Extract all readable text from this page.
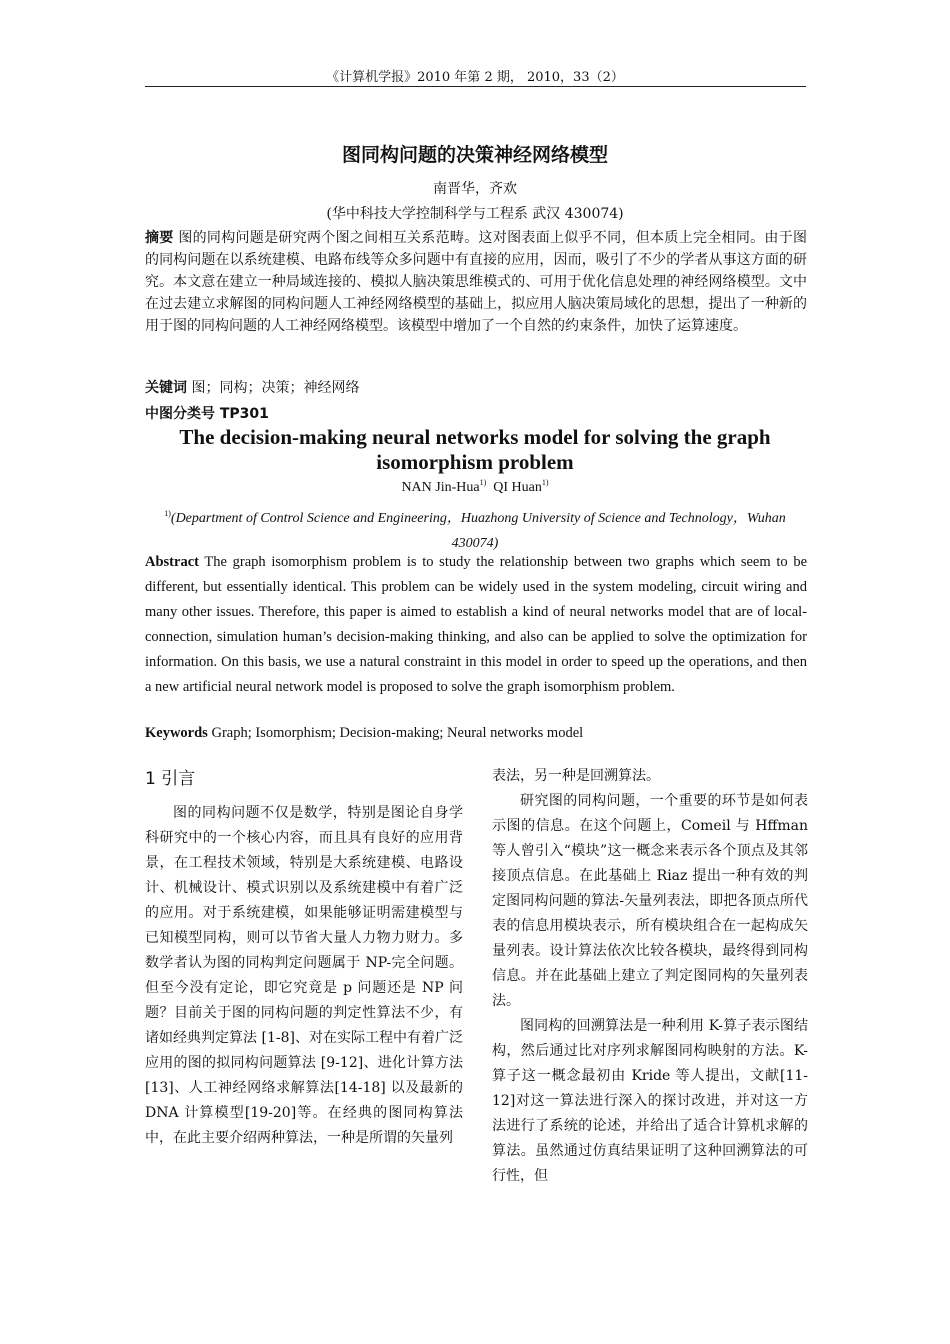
《计算机学报》2010 年第 2 期， 2010，33（2）
图同构问题的决策神经网络模型
南晋华，齐欢
(华中科技大学控制科学与工程系 武汉 430074)
摘要 图的同构问题是研究两个图之间相互关系范畴。这对图表面上似乎不同，但本质上完全相同。由于图的同构问题在以系统建模、电路布线等众多问题中有直接的应用，因而，吸引了不少的学者从事这方面的研究。本文意在建立一种局域连接的、模拟人脑决策思维模式的、可用于优化信息处理的神经网络模型。文中在过去建立求解图的同构问题人工神经网络模型的基础上，拟应用人脑决策局域化的思想，提出了一种新的用于图的同构问题的人工神经网络模型。该模型中增加了一个自然的约束条件，加快了运算速度。
关键词 图；同构；决策；神经网络
中图分类号 TP301
The decision-making neural networks model for solving the graph isomorphism problem
NAN Jin-Hua$^{1)}$ QI Huan$^{1)}$
$^{1)}$(Department of Control Science and Engineering，Huazhong University of Science and Technology，Wuhan 430074)
Abstract The graph isomorphism problem is to study the relationship between two graphs which seem to be different, but essentially identical. This problem can be widely used in the system modeling, circuit wiring and many other issues. Therefore, this paper is aimed to establish a kind of neural networks model that are of local-connection, simulation human’s decision-making thinking, and also can be applied to solve the optimization for information. On this basis, we use a natural constraint in this model in order to speed up the operations, and then a new artificial neural network model is proposed to solve the graph isomorphism problem.
Keywords Graph; Isomorphism; Decision-making; Neural networks model
1 引言

图的同构问题不仅是数学，特别是图论自身学科研究中的一个核心内容，而且具有良好的应用背景，在工程技术领域，特别是大系统建模、电路设计、机械设计、模式识别以及系统建模中有着广泛的应用。对于系统建模，如果能够证明需建模型与已知模型同构，则可以节省大量人力物力财力。多数学者认为图的同构判定问题属于 NP-完全问题。但至今没有定论，即它究竟是 p 问题还是 NP 问题？目前关于图的同构问题的判定性算法不少，有诸如经典判定算法 [1-8]、对在实际工程中有着广泛应用的图的拟同构问题算法 [9-12]、进化计算方法[13]、人工神经网络求解算法[14-18] 以及最新的 DNA 计算模型[19-20]等。在经典的图同构算法中，在此主要介绍两种算法，一种是所谓的矢量列

表法，另一种是回溯算法。

研究图的同构问题，一个重要的环节是如何表示图的信息。在这个问题上，Comeil 与 Hffman 等人曾引入“模块”这一概念来表示各个顶点及其邻接顶点信息。在此基础上 Riaz 提出一种有效的判定图同构问题的算法-矢量列表法，即把各顶点所代表的信息用模块表示，所有模块组合在一起构成矢量列表。设计算法依次比较各模块，最终得到同构信息。并在此基础上建立了判定图同构的矢量列表法。

图同构的回溯算法是一种利用 K-算子表示图结构，然后通过比对序列求解图同构映射的方法。K-算子这一概念最初由 Kride 等人提出，文献[11-12]对这一算法进行深入的探讨改进，并对这一方法进行了系统的论述，并给出了适合计算机求解的算法。虽然通过仿真结果证明了这种回溯算法的可行性，但
